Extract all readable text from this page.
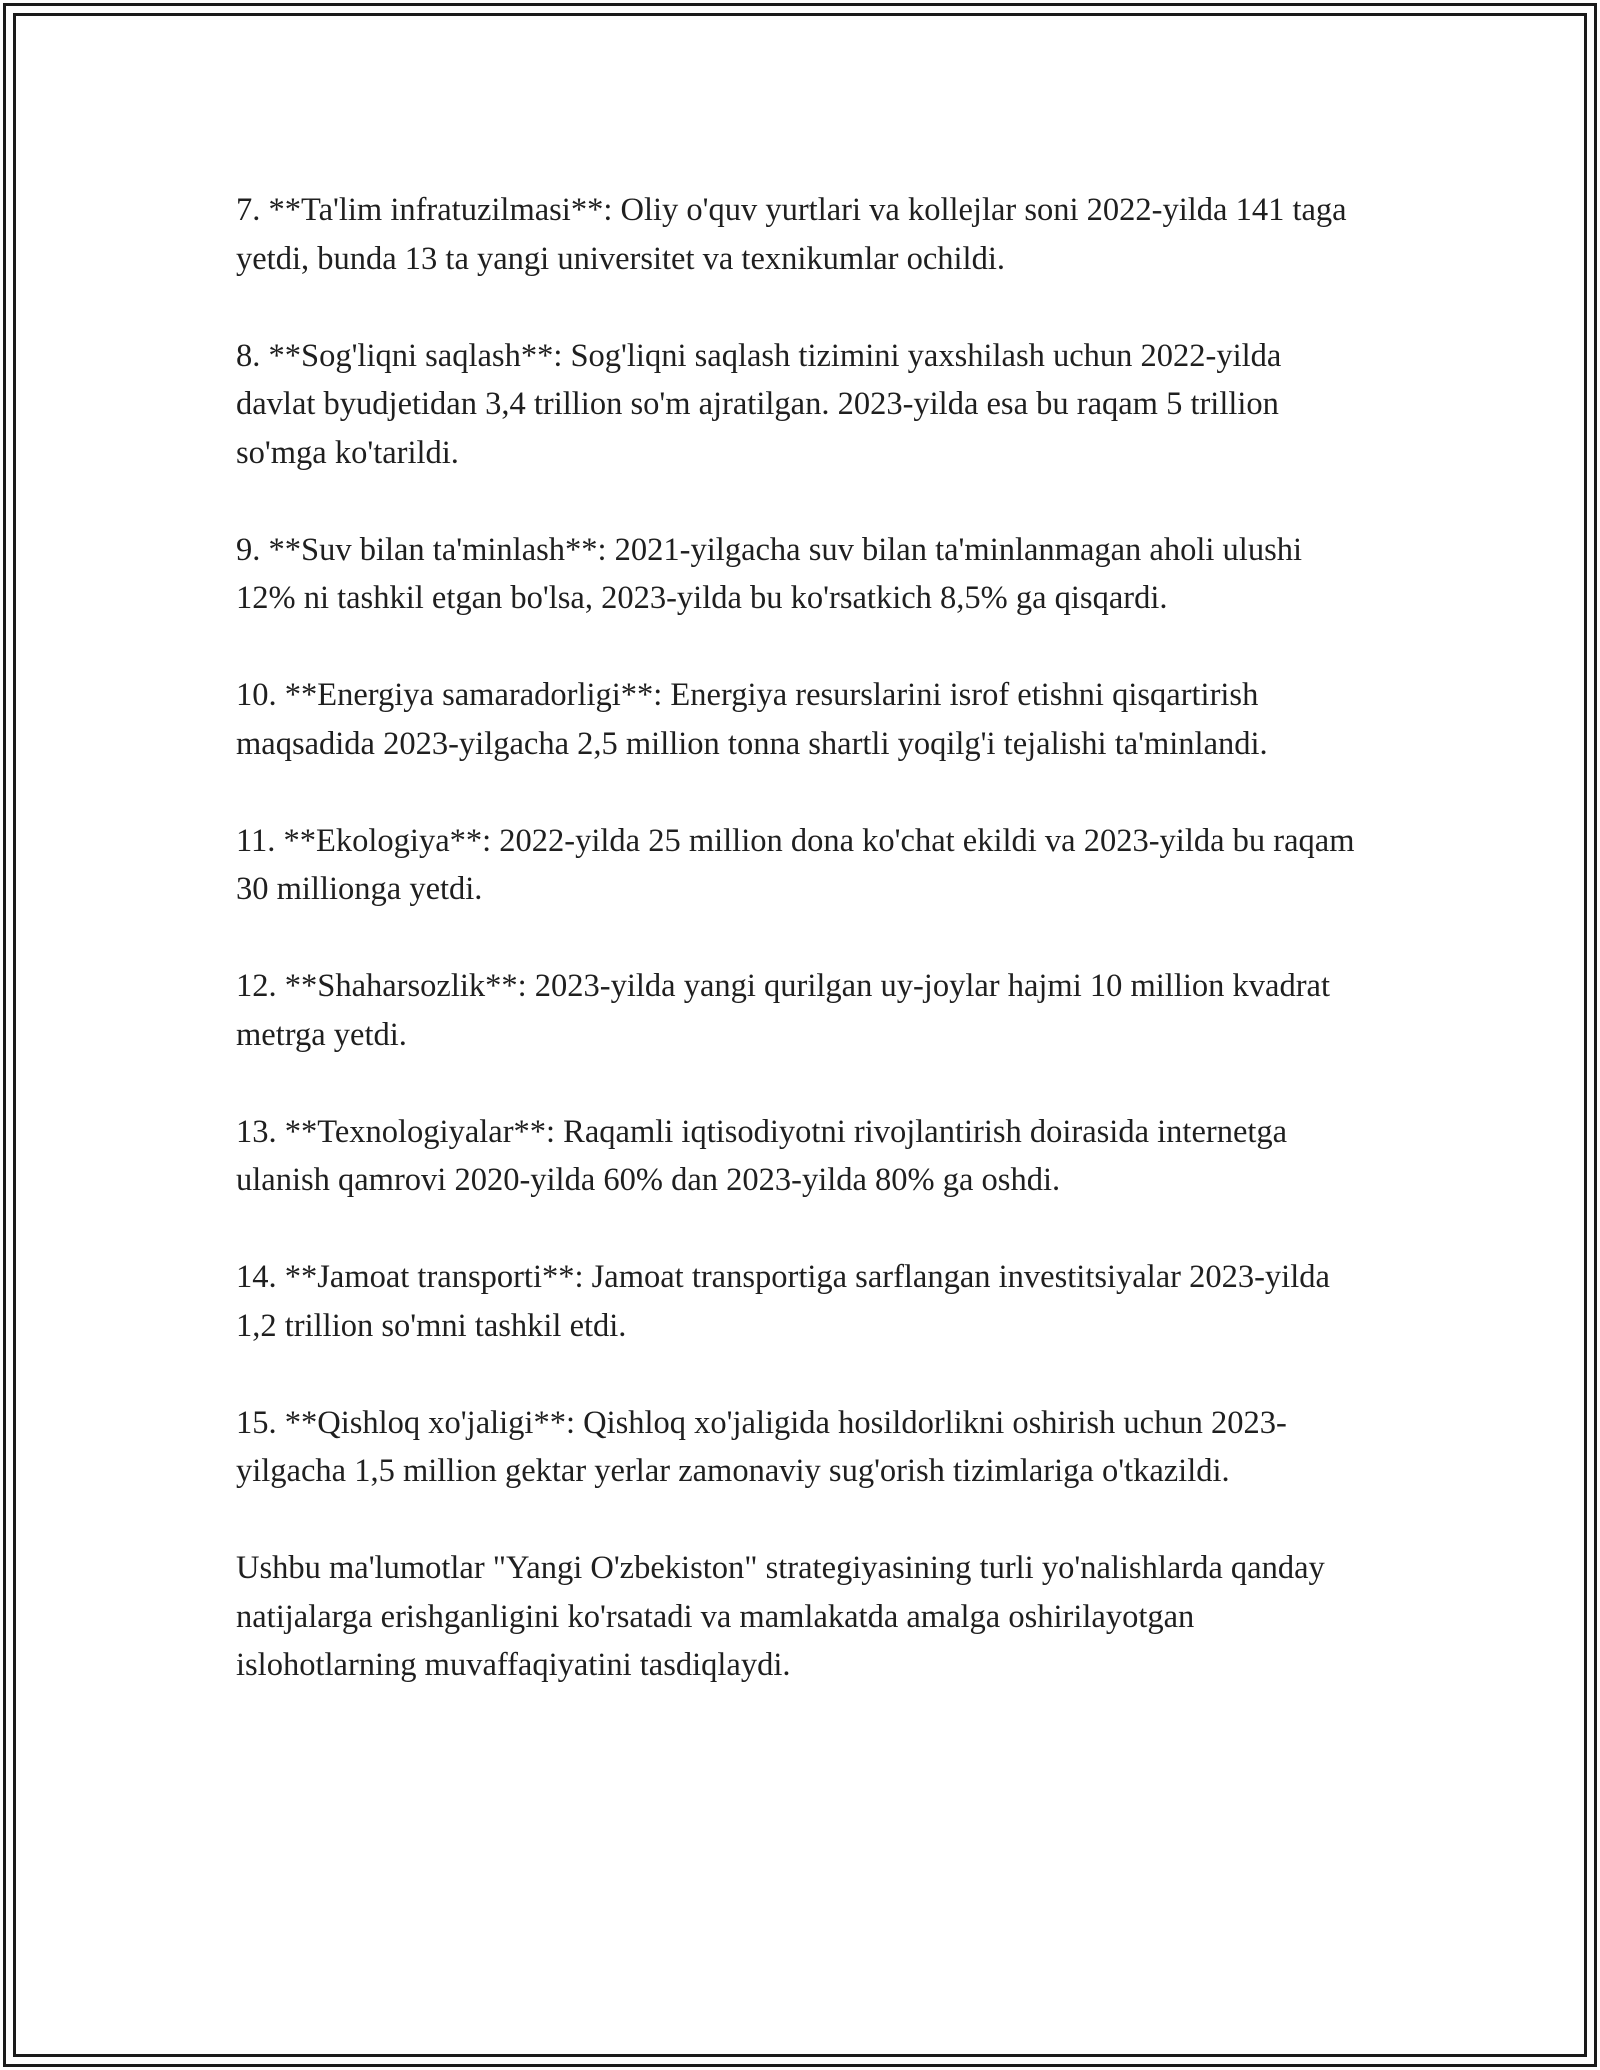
7. **Ta'lim infratuzilmasi**: Oliy o'quv yurtlari va kollejlar soni 2022-yilda 141 taga yetdi, bunda 13 ta yangi universitet va texnikumlar ochildi.

8. **Sog'liqni saqlash**: Sog'liqni saqlash tizimini yaxshilash uchun 2022-yilda davlat byudjetidan 3,4 trillion so'm ajratilgan. 2023-yilda esa bu raqam 5 trillion so'mga ko'tarildi.

9. **Suv bilan ta'minlash**: 2021-yilgacha suv bilan ta'minlanmagan aholi ulushi 12% ni tashkil etgan bo'lsa, 2023-yilda bu ko'rsatkich 8,5% ga qisqardi.

10. **Energiya samaradorligi**: Energiya resurslarini isrof etishni qisqartirish maqsadida 2023-yilgacha 2,5 million tonna shartli yoqilg'i tejalishi ta'minlandi.

11. **Ekologiya**: 2022-yilda 25 million dona ko'chat ekildi va 2023-yilda bu raqam 30 millionga yetdi.

12. **Shaharsozlik**: 2023-yilda yangi qurilgan uy-joylar hajmi 10 million kvadrat metrga yetdi.

13. **Texnologiyalar**: Raqamli iqtisodiyotni rivojlantirish doirasida internetga ulanish qamrovi 2020-yilda 60% dan 2023-yilda 80% ga oshdi.

14. **Jamoat transporti**: Jamoat transportiga sarflangan investitsiyalar 2023-yilda 1,2 trillion so'mni tashkil etdi.

15. **Qishloq xo'jaligi**: Qishloq xo'jaligida hosildorlikni oshirish uchun 2023-yilgacha 1,5 million gektar yerlar zamonaviy sug'orish tizimlariga o'tkazildi.

Ushbu ma'lumotlar "Yangi O'zbekiston" strategiyasining turli yo'nalishlarda qanday natijalarga erishganligini ko'rsatadi va mamlakatda amalga oshirilayotgan islohotlarning muvaffaqiyatini tasdiqlaydi.
